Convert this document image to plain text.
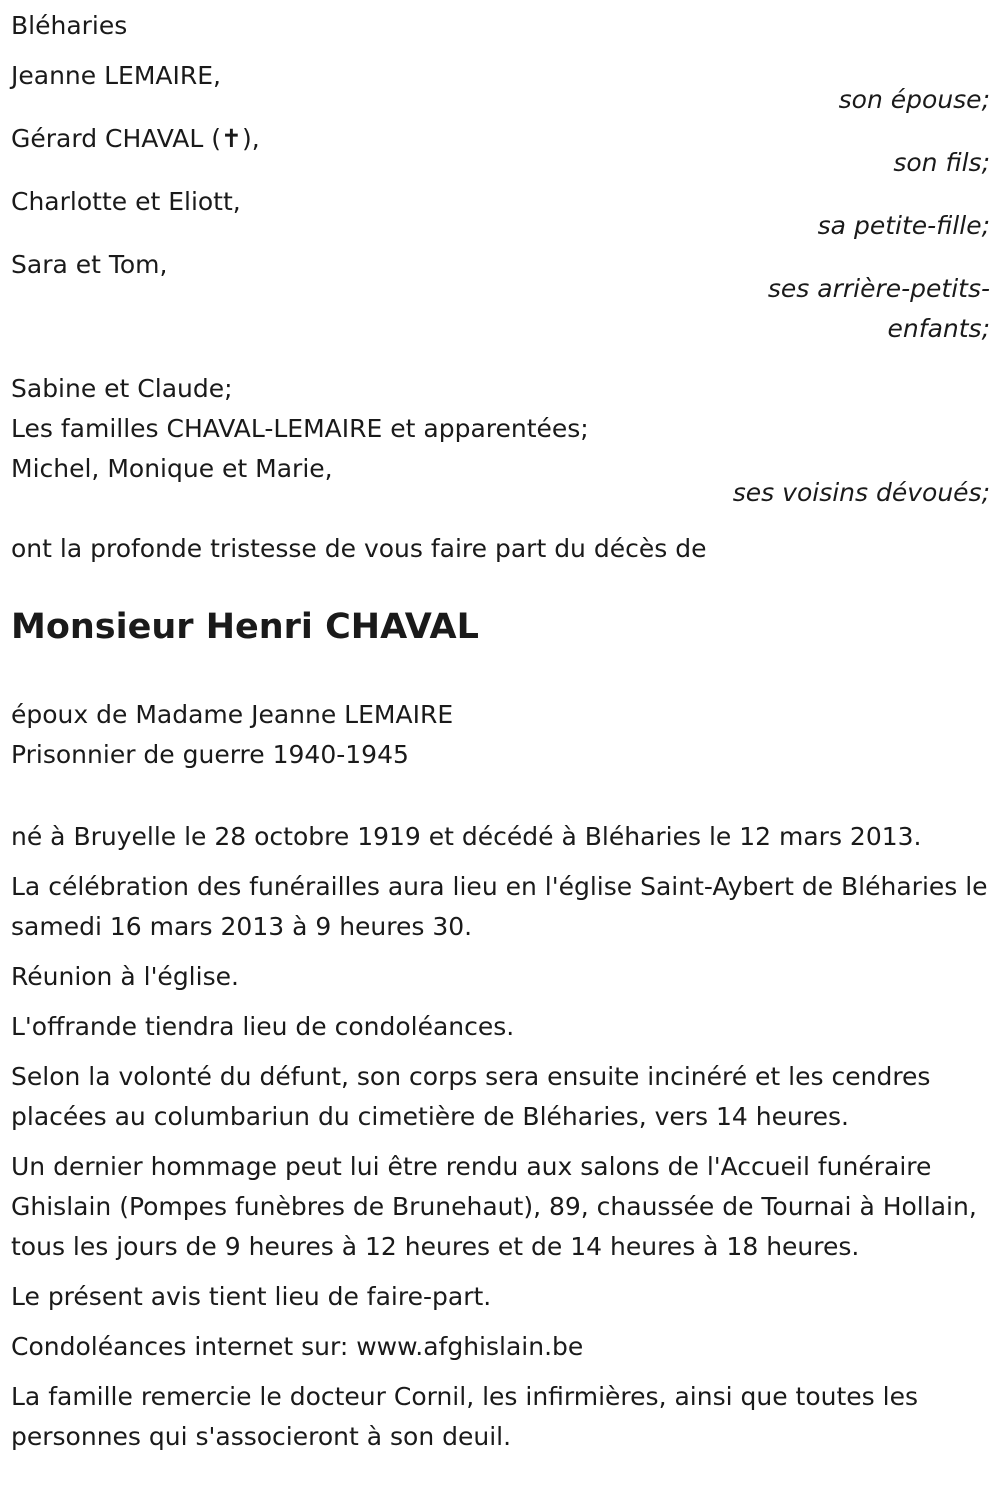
Bléharies
Jeanne LEMAIRE,
son épouse;
Gérard CHAVAL (✝),
son fils;
Charlotte et Eliott,
sa petite-fille;
Sara et Tom,
ses arrière-petits-
enfants;
Sabine et Claude;
Les familles CHAVAL-LEMAIRE et apparentées;
Michel, Monique et Marie,
ses voisins dévoués;
ont la profonde tristesse de vous faire part du décès de
Monsieur Henri CHAVAL
époux de Madame Jeanne LEMAIRE
Prisonnier de guerre 1940-1945
né à Bruyelle le 28 octobre 1919 et décédé à Bléharies le 12 mars 2013.
La célébration des funérailles aura lieu en l'église Saint-Aybert de Bléharies le samedi 16 mars 2013 à 9 heures 30.
Réunion à l'église.
L'offrande tiendra lieu de condoléances.
Selon la volonté du défunt, son corps sera ensuite incinéré et les cendres placées au columbariun du cimetière de Bléharies, vers 14 heures.
Un dernier hommage peut lui être rendu aux salons de l'Accueil funéraire Ghislain (Pompes funèbres de Brunehaut), 89, chaussée de Tournai à Hollain, tous les jours de 9 heures à 12 heures et de 14 heures à 18 heures.
Le présent avis tient lieu de faire-part.
Condoléances internet sur: www.afghislain.be
La famille remercie le docteur Cornil, les infirmières, ainsi que toutes les personnes qui s'associeront à son deuil.
